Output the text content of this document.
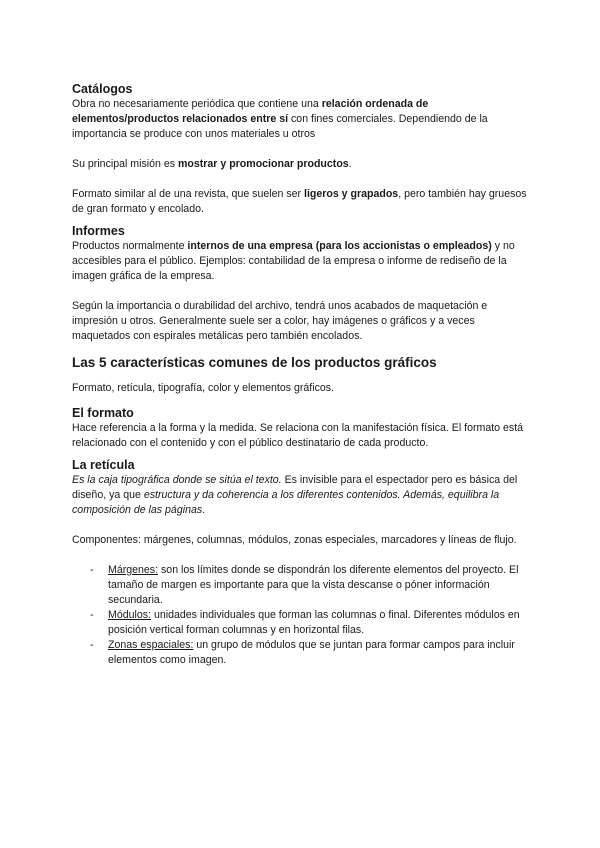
Catálogos

Obra no necesariamente periódica que contiene una relación ordenada de elementos/productos relacionados entre sí con fines comerciales. Dependiendo de la importancia se produce con unos materiales u otros

Su principal misión es mostrar y promocionar productos.

Formato similar al de una revista, que suelen ser ligeros y grapados, pero también hay gruesos de gran formato y encolado.

Informes

Productos normalmente internos de una empresa (para los accionistas o empleados) y no accesibles para el público. Ejemplos: contabilidad de la empresa o informe de rediseño de la imagen gráfica de la empresa.

Según la importancia o durabilidad del archivo, tendrá unos acabados de maquetación e impresión u otros. Generalmente suele ser a color, hay imágenes o gráficos y a veces maquetados con espirales metálicas pero también encolados.

Las 5 características comunes de los productos gráficos

Formato, retícula, tipografía, color y elementos gráficos.

El formato

Hace referencia a la forma y la medida. Se relaciona con la manifestación física. El formato está relacionado con el contenido y con el público destinatario de cada producto.

La retícula

Es la caja tipográfica donde se sitúa el texto. Es invisible para el espectador pero es básica del diseño, ya que estructura y da coherencia a los diferentes contenidos. Además, equilibra la composición de las páginas.

Componentes: márgenes, columnas, módulos, zonas especiales, marcadores y líneas de flujo.

- Márgenes: son los límites donde se dispondrán los diferente elementos del proyecto. El tamaño de margen es importante para que la vista descanse o póner información secundaria.
- Módulos: unidades individuales que forman las columnas o final. Diferentes módulos en posición vertical forman columnas y en horizontal filas.
- Zonas espaciales: un grupo de módulos que se juntan para formar campos para incluir elementos como imagen.
